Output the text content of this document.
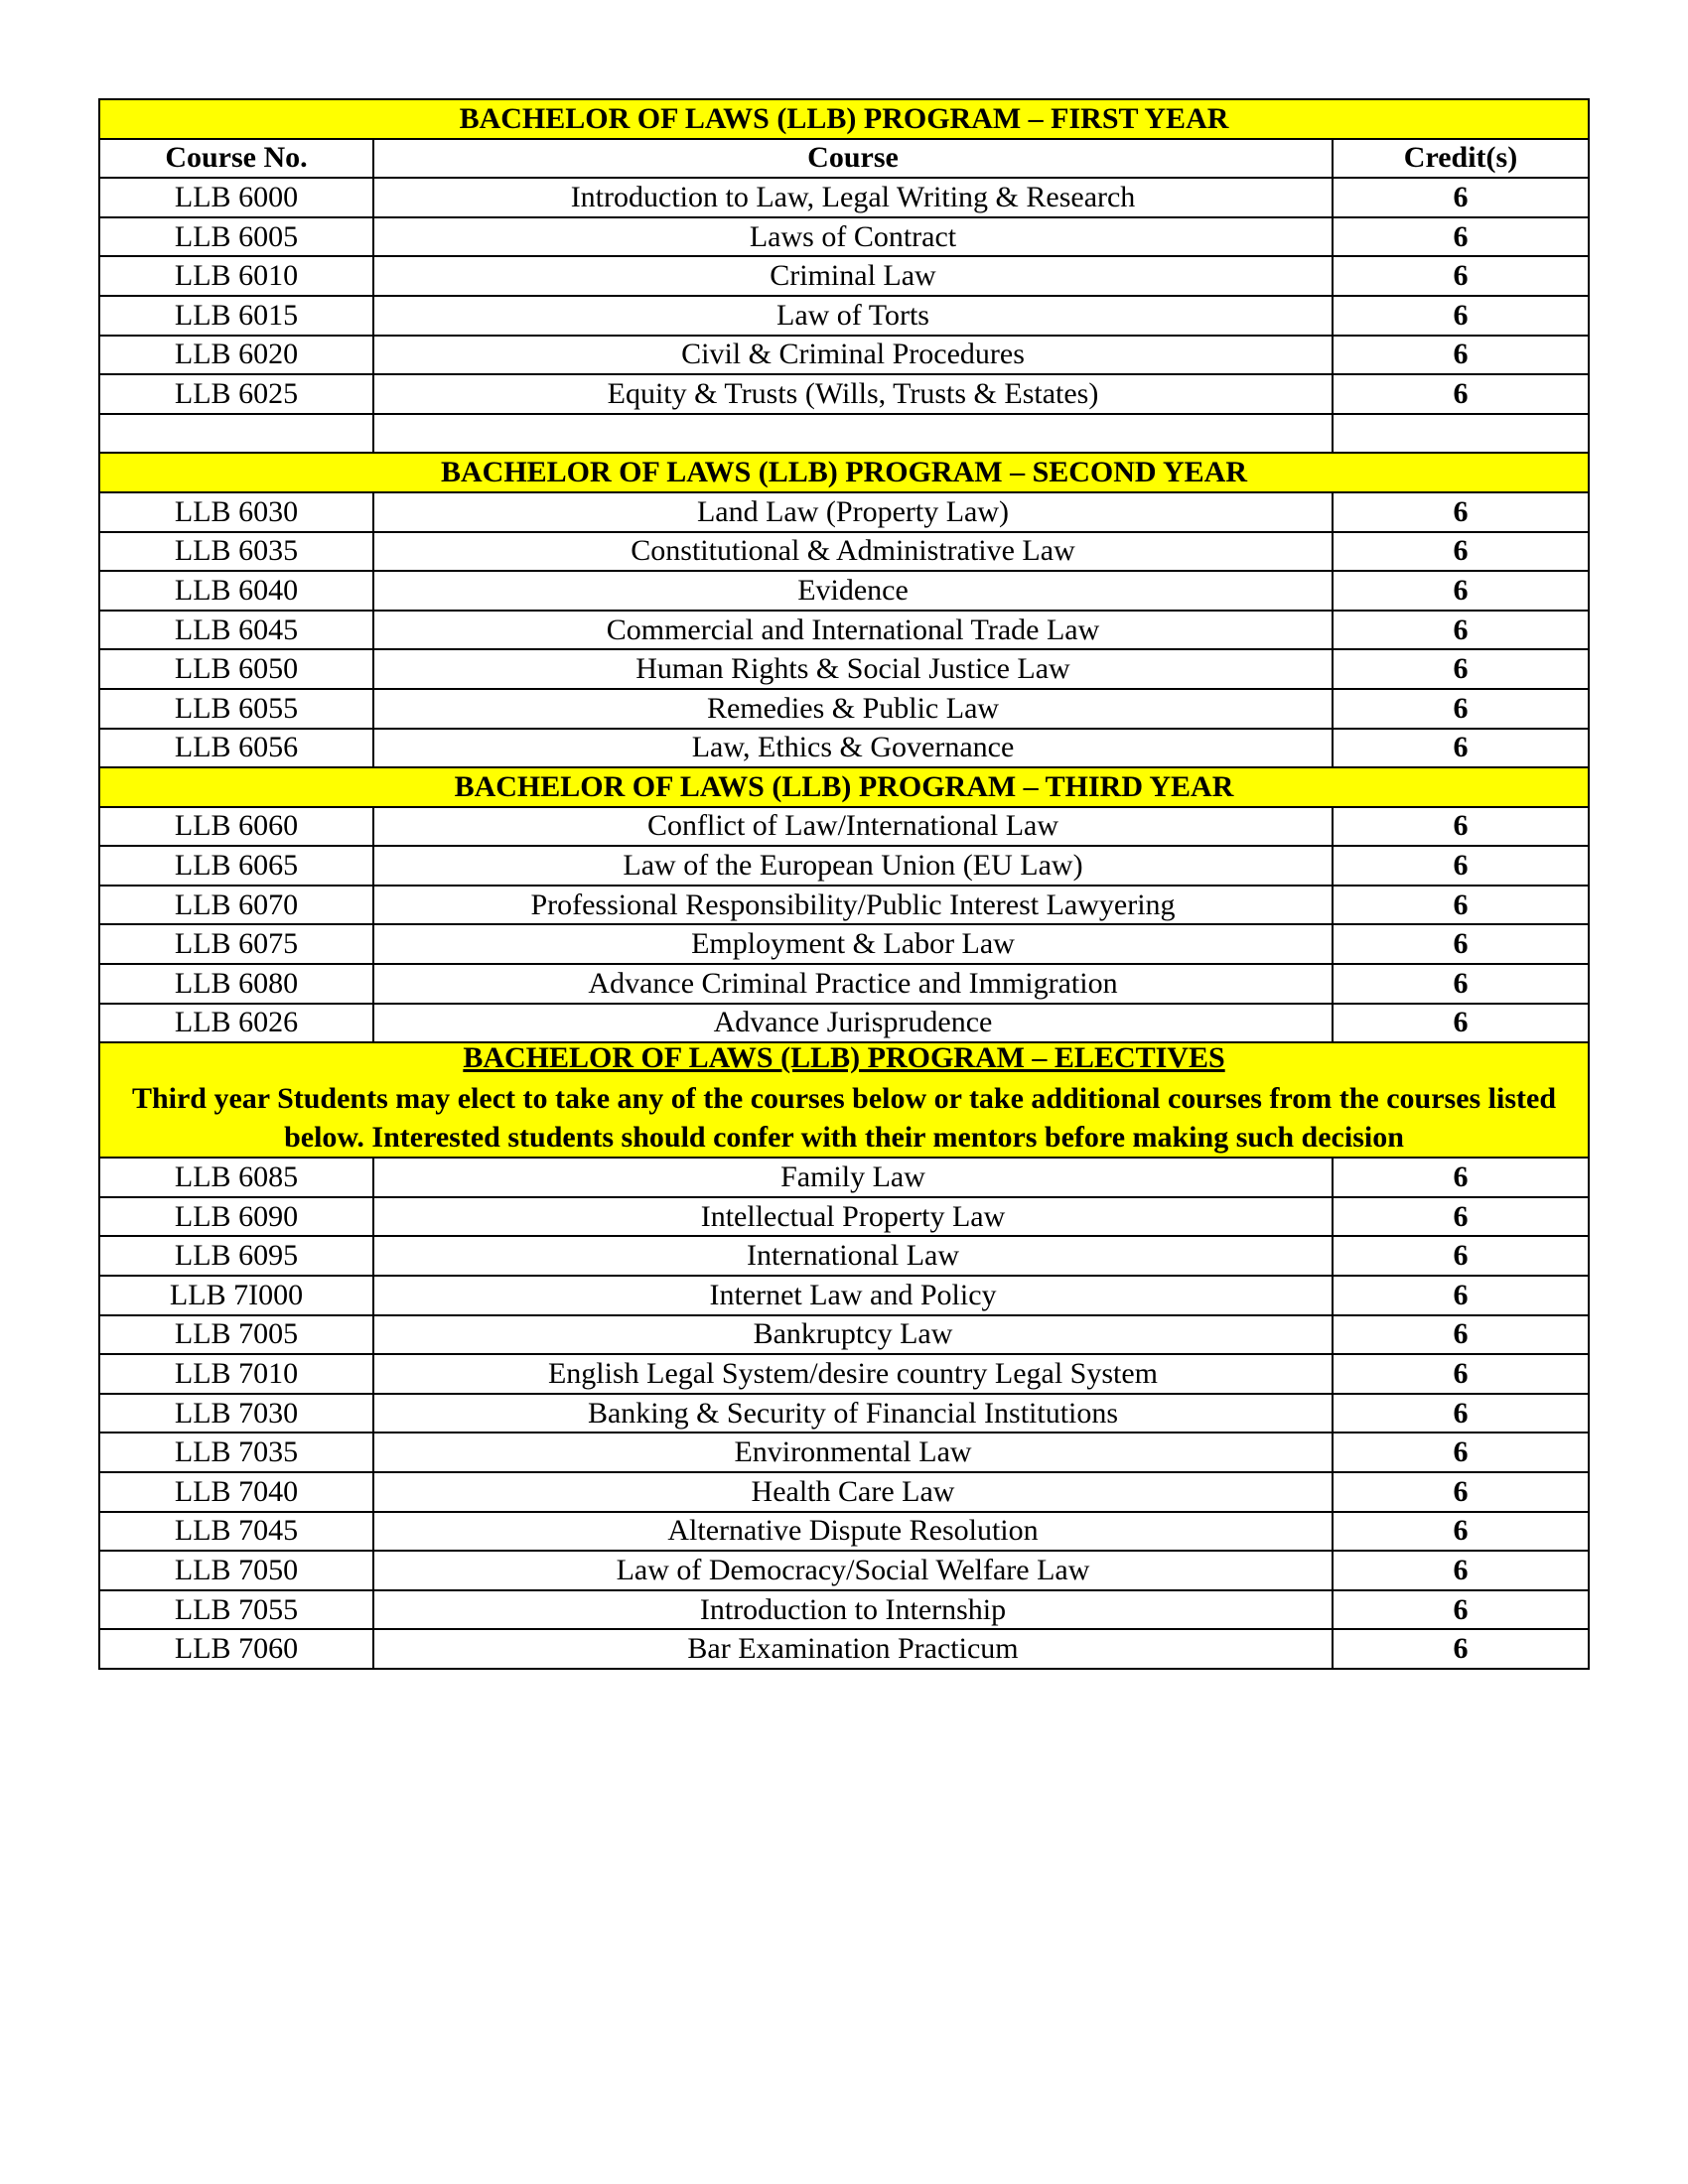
BACHELOR OF LAWS (LLB) PROGRAM – FIRST YEAR		
Course No.	Course	Credit(s)
LLB 6000	Introduction to Law, Legal Writing & Research	6
LLB 6005	Laws of Contract	6
LLB 6010	Criminal Law	6
LLB 6015	Law of Torts	6
LLB 6020	Civil & Criminal Procedures	6
LLB 6025	Equity & Trusts (Wills, Trusts & Estates)	6

BACHELOR OF LAWS (LLB) PROGRAM – SECOND YEAR		
LLB 6030	Land Law (Property Law)	6
LLB 6035	Constitutional & Administrative Law	6
LLB 6040	Evidence	6
LLB 6045	Commercial and International Trade Law	6
LLB 6050	Human Rights & Social Justice Law	6
LLB 6055	Remedies & Public Law	6
LLB 6056	Law, Ethics & Governance	6
BACHELOR OF LAWS (LLB) PROGRAM – THIRD YEAR		
LLB 6060	Conflict of Law/International Law	6
LLB 6065	Law of the European Union (EU Law)	6
LLB 6070	Professional Responsibility/Public Interest Lawyering	6
LLB 6075	Employment & Labor Law	6
LLB 6080	Advance Criminal Practice and Immigration	6
LLB 6026	Advance Jurisprudence	6

BACHELOR OF LAWS (LLB) PROGRAM – ELECTIVES
Third year Students may elect to take any of the courses below or take additional courses from the courses listed below. Interested students should confer with their mentors before making such decision		

LLB 6085	Family Law	6
LLB 6090	Intellectual Property Law	6
LLB 6095	International Law	6
LLB 7I000	Internet Law and Policy	6
LLB 7005	Bankruptcy Law	6
LLB 7010	English Legal System/desire country Legal System	6
LLB 7030	Banking & Security of Financial Institutions	6
LLB 7035	Environmental Law	6
LLB 7040	Health Care Law	6
LLB 7045	Alternative Dispute Resolution	6
LLB 7050	Law of Democracy/Social Welfare Law	6
LLB 7055	Introduction to Internship	6
LLB 7060	Bar Examination Practicum	6
